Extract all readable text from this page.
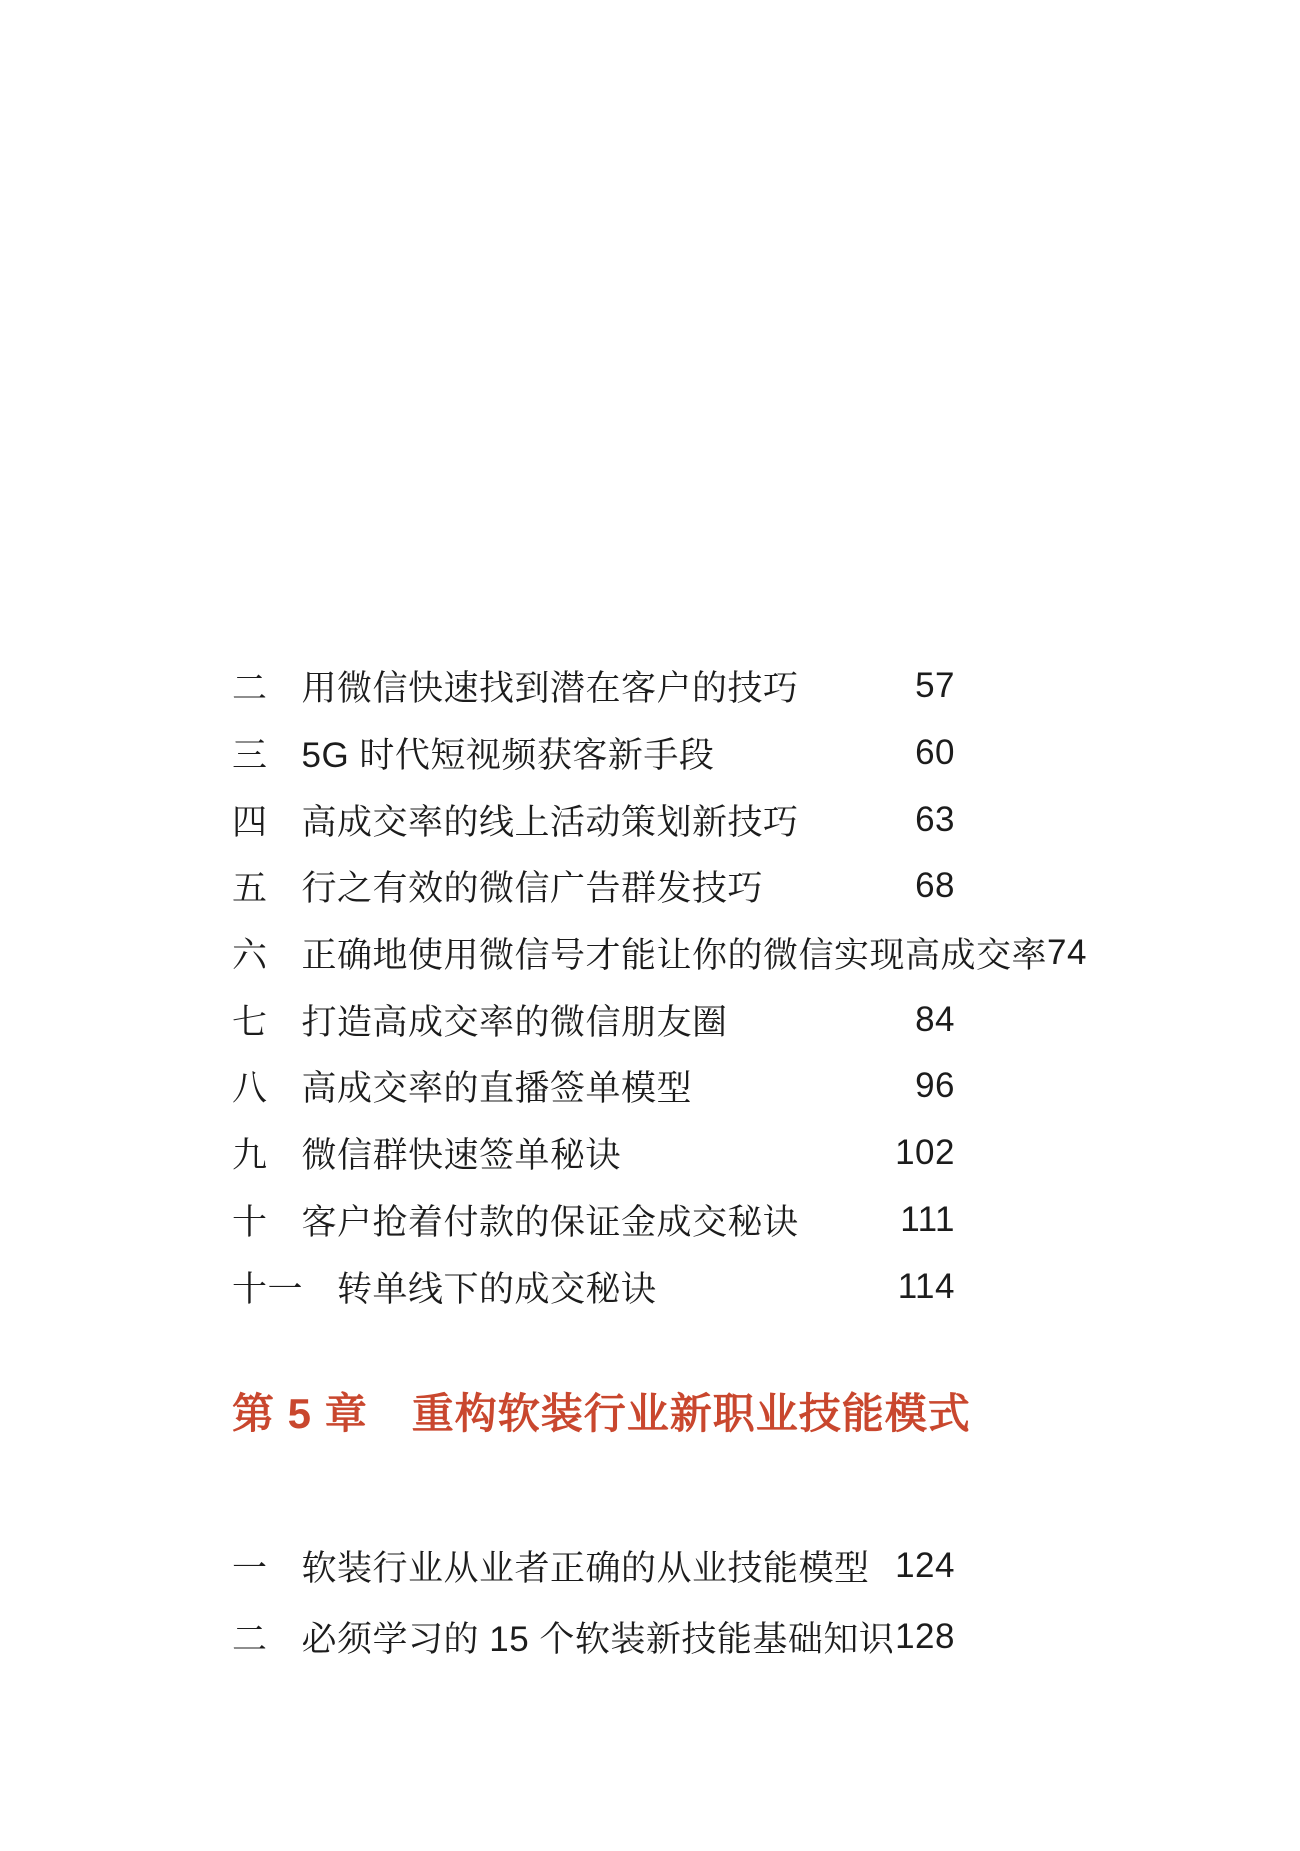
二 用微信快速找到潜在客户的技巧	57
三 5G 时代短视频获客新手段	60
四 高成交率的线上活动策划新技巧	63
五 行之有效的微信广告群发技巧	68
六 正确地使用微信号才能让你的微信实现高成交率 74
七 打造高成交率的微信朋友圈	84
八 高成交率的直播签单模型	96
九 微信群快速签单秘诀	102
十 客户抢着付款的保证金成交秘诀	111
十一 转单线下的成交秘诀	114
第 5 章 重构软装行业新职业技能模式
一 软装行业从业者正确的从业技能模型 124
二 必须学习的 15 个软装新技能基础知识 128
